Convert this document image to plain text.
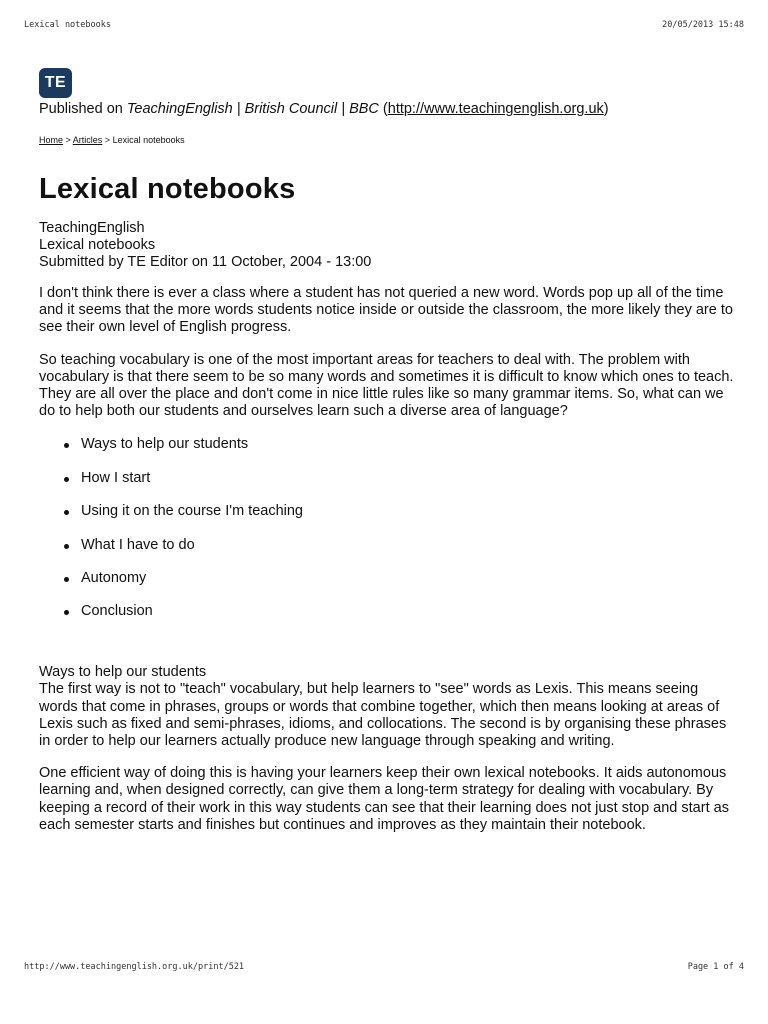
Lexical notebooks	20/05/2013 15:48
TE
Published on TeachingEnglish | British Council | BBC (http://www.teachingenglish.org.uk)
Home > Articles > Lexical notebooks
Lexical notebooks
TeachingEnglish
Lexical notebooks
Submitted by TE Editor on 11 October, 2004 - 13:00

I don't think there is ever a class where a student has not queried a new word. Words pop up all of the time and it seems that the more words students notice inside or outside the classroom, the more likely they are to see their own level of English progress.

So teaching vocabulary is one of the most important areas for teachers to deal with. The problem with vocabulary is that there seem to be so many words and sometimes it is difficult to know which ones to teach. They are all over the place and don't come in nice little rules like so many grammar items. So, what can we do to help both our students and ourselves learn such a diverse area of language?

Ways to help our students
How I start
Using it on the course I'm teaching
What I have to do
Autonomy
Conclusion
Ways to help our students

The first way is not to "teach" vocabulary, but help learners to "see" words as Lexis. This means seeing words that come in phrases, groups or words that combine together, which then means looking at areas of Lexis such as fixed and semi-phrases, idioms, and collocations. The second is by organising these phrases in order to help our learners actually produce new language through speaking and writing.

One efficient way of doing this is having your learners keep their own lexical notebooks. It aids autonomous learning and, when designed correctly, can give them a long-term strategy for dealing with vocabulary. By keeping a record of their work in this way students can see that their learning does not just stop and start as each semester starts and finishes but continues and improves as they maintain their notebook.

http://www.teachingenglish.org.uk/print/521	Page 1 of 4
